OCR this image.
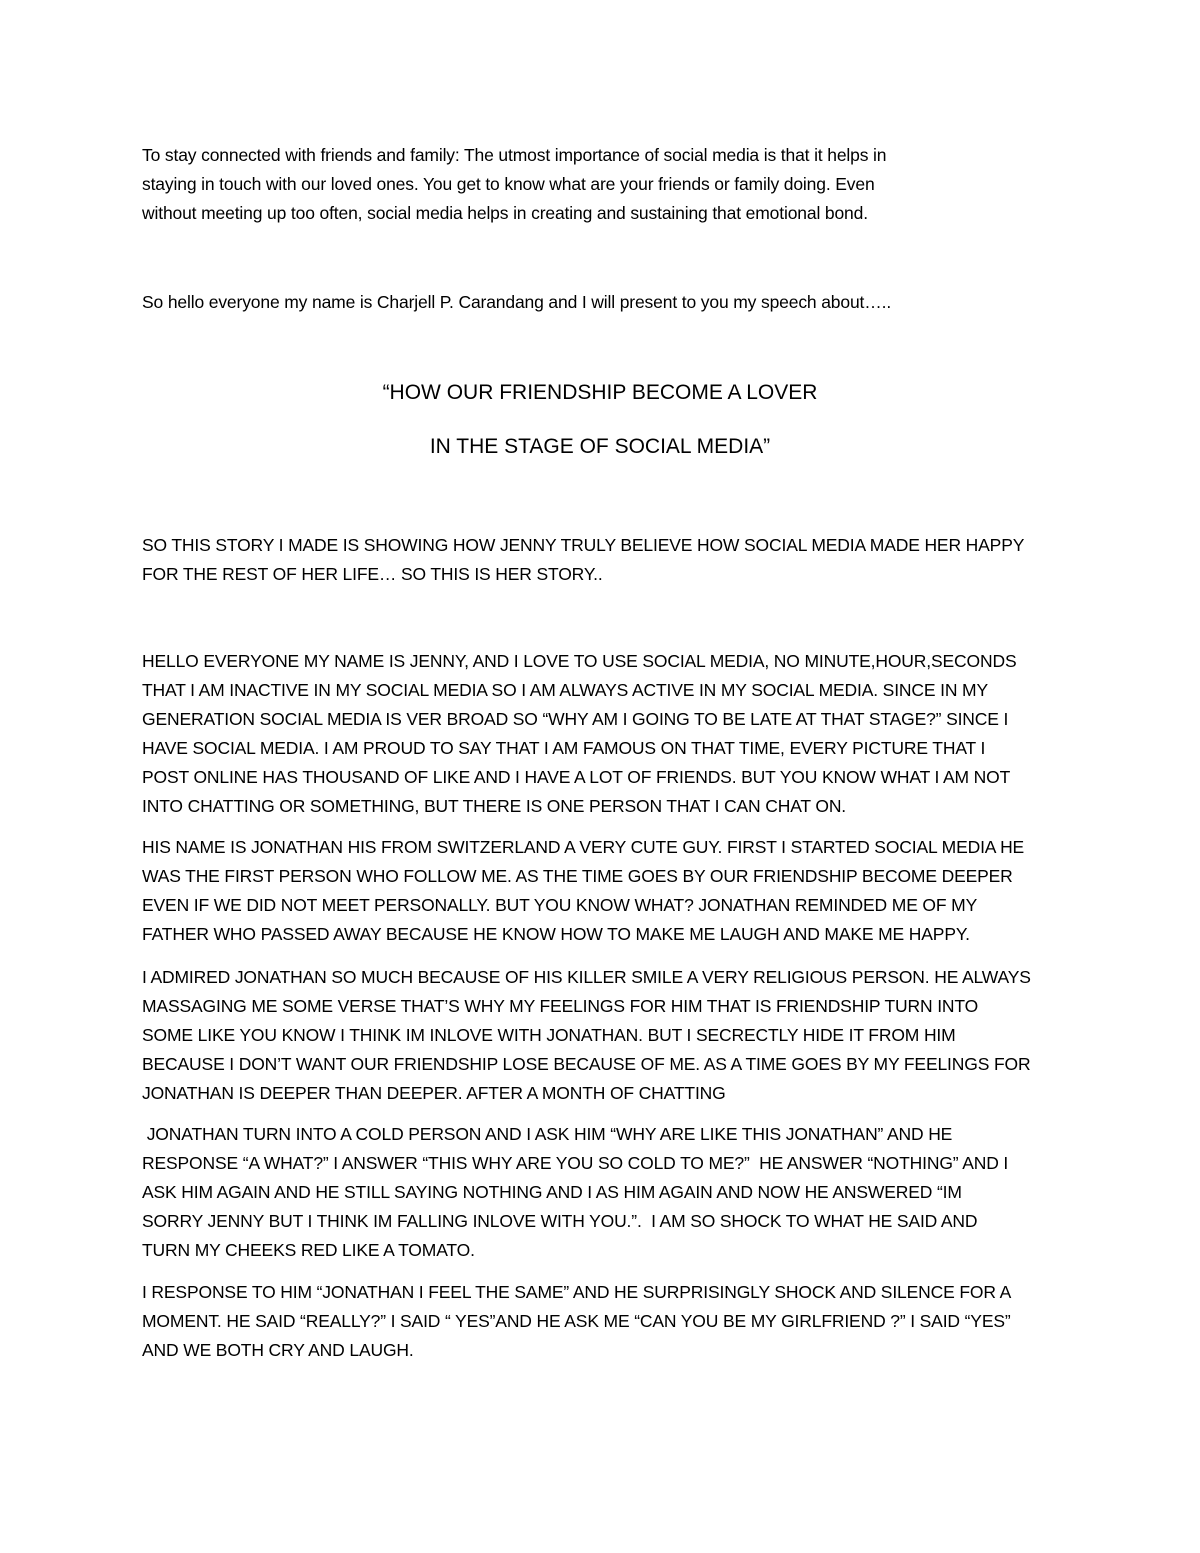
To stay connected with friends and family: The utmost importance of social media is that it helps in
staying in touch with our loved ones. You get to know what are your friends or family doing. Even
without meeting up too often, social media helps in creating and sustaining that emotional bond.
So hello everyone my name is Charjell P. Carandang and I will present to you my speech about…..

“HOW OUR FRIENDSHIP BECOME A LOVER

IN THE STAGE OF SOCIAL MEDIA”

SO THIS STORY I MADE IS SHOWING HOW JENNY TRULY BELIEVE HOW SOCIAL MEDIA MADE HER HAPPY
FOR THE REST OF HER LIFE… SO THIS IS HER STORY..
HELLO EVERYONE MY NAME IS JENNY, AND I LOVE TO USE SOCIAL MEDIA, NO MINUTE,HOUR,SECONDS
THAT I AM INACTIVE IN MY SOCIAL MEDIA SO I AM ALWAYS ACTIVE IN MY SOCIAL MEDIA. SINCE IN MY
GENERATION SOCIAL MEDIA IS VER BROAD SO “WHY AM I GOING TO BE LATE AT THAT STAGE?” SINCE I
HAVE SOCIAL MEDIA. I AM PROUD TO SAY THAT I AM FAMOUS ON THAT TIME, EVERY PICTURE THAT I
POST ONLINE HAS THOUSAND OF LIKE AND I HAVE A LOT OF FRIENDS. BUT YOU KNOW WHAT I AM NOT
INTO CHATTING OR SOMETHING, BUT THERE IS ONE PERSON THAT I CAN CHAT ON.
HIS NAME IS JONATHAN HIS FROM SWITZERLAND A VERY CUTE GUY. FIRST I STARTED SOCIAL MEDIA HE
WAS THE FIRST PERSON WHO FOLLOW ME. AS THE TIME GOES BY OUR FRIENDSHIP BECOME DEEPER
EVEN IF WE DID NOT MEET PERSONALLY. BUT YOU KNOW WHAT? JONATHAN REMINDED ME OF MY
FATHER WHO PASSED AWAY BECAUSE HE KNOW HOW TO MAKE ME LAUGH AND MAKE ME HAPPY.
I ADMIRED JONATHAN SO MUCH BECAUSE OF HIS KILLER SMILE A VERY RELIGIOUS PERSON. HE ALWAYS
MASSAGING ME SOME VERSE THAT’S WHY MY FEELINGS FOR HIM THAT IS FRIENDSHIP TURN INTO
SOME LIKE YOU KNOW I THINK IM INLOVE WITH JONATHAN. BUT I SECRECTLY HIDE IT FROM HIM
BECAUSE I DON’T WANT OUR FRIENDSHIP LOSE BECAUSE OF ME. AS A TIME GOES BY MY FEELINGS FOR
JONATHAN IS DEEPER THAN DEEPER. AFTER A MONTH OF CHATTING
JONATHAN TURN INTO A COLD PERSON AND I ASK HIM “WHY ARE LIKE THIS JONATHAN” AND HE
RESPONSE “A WHAT?” I ANSWER “THIS WHY ARE YOU SO COLD TO ME?”  HE ANSWER “NOTHING” AND I
ASK HIM AGAIN AND HE STILL SAYING NOTHING AND I AS HIM AGAIN AND NOW HE ANSWERED “IM
SORRY JENNY BUT I THINK IM FALLING INLOVE WITH YOU.”.  I AM SO SHOCK TO WHAT HE SAID AND
TURN MY CHEEKS RED LIKE A TOMATO.
I RESPONSE TO HIM “JONATHAN I FEEL THE SAME” AND HE SURPRISINGLY SHOCK AND SILENCE FOR A
MOMENT. HE SAID “REALLY?” I SAID “ YES”AND HE ASK ME “CAN YOU BE MY GIRLFRIEND ?” I SAID “YES”
AND WE BOTH CRY AND LAUGH.
